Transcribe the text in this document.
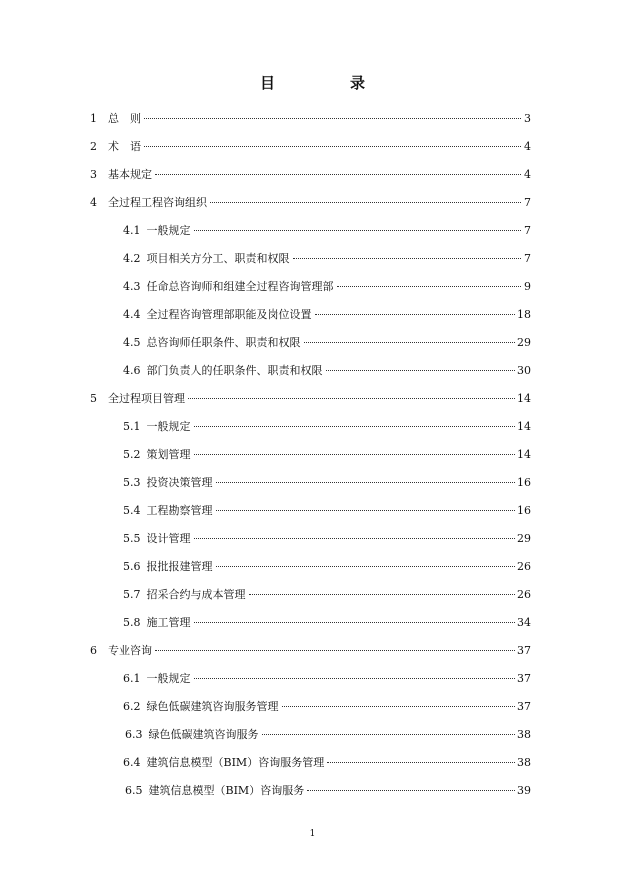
目　录
1	总　则	3
2	术　语	4
3	基本规定	4
4	全过程工程咨询组织	7
4.1 一般规定	7
4.2 项目相关方分工、职责和权限	7
4.3 任命总咨询师和组建全过程咨询管理部	9
4.4 全过程咨询管理部职能及岗位设置	18
4.5 总咨询师任职条件、职责和权限	29
4.6 部门负责人的任职条件、职责和权限	30
5	全过程项目管理	14
5.1 一般规定	14
5.2 策划管理	14
5.3 投资决策管理	16
5.4 工程勘察管理	16
5.5 设计管理	29
5.6 报批报建管理	26
5.7 招采合约与成本管理	26
5.8 施工管理	34
6	专业咨询	37
6.1 一般规定	37
6.2 绿色低碳建筑咨询服务管理	37
6.3 绿色低碳建筑咨询服务	38
6.4 建筑信息模型（BIM）咨询服务管理	38
6.5 建筑信息模型（BIM）咨询服务	39
1
